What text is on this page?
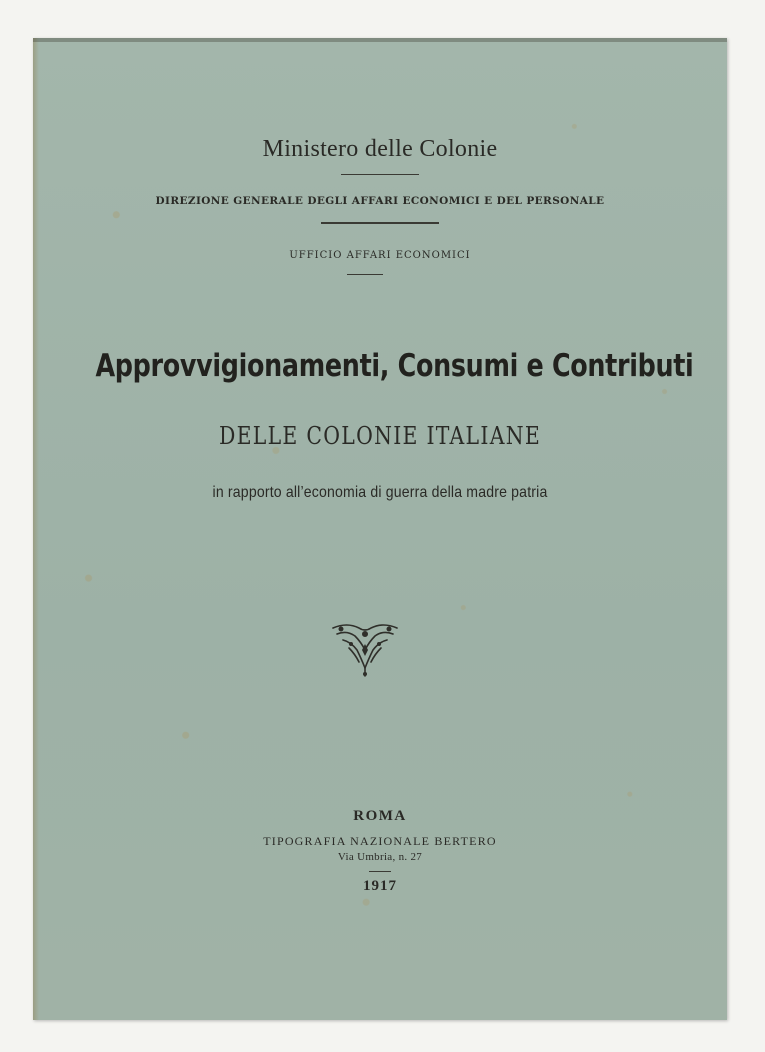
Ministero delle Colonie
DIREZIONE GENERALE DEGLI AFFARI ECONOMICI E DEL PERSONALE
UFFICIO AFFARI ECONOMICI
Approvvigionamenti, Consumi e Contributi
DELLE COLONIE ITALIANE
in rapporto all’economia di guerra della madre patria
ROMA
TIPOGRAFIA NAZIONALE BERTERO
Via Umbria, n. 27
1917
